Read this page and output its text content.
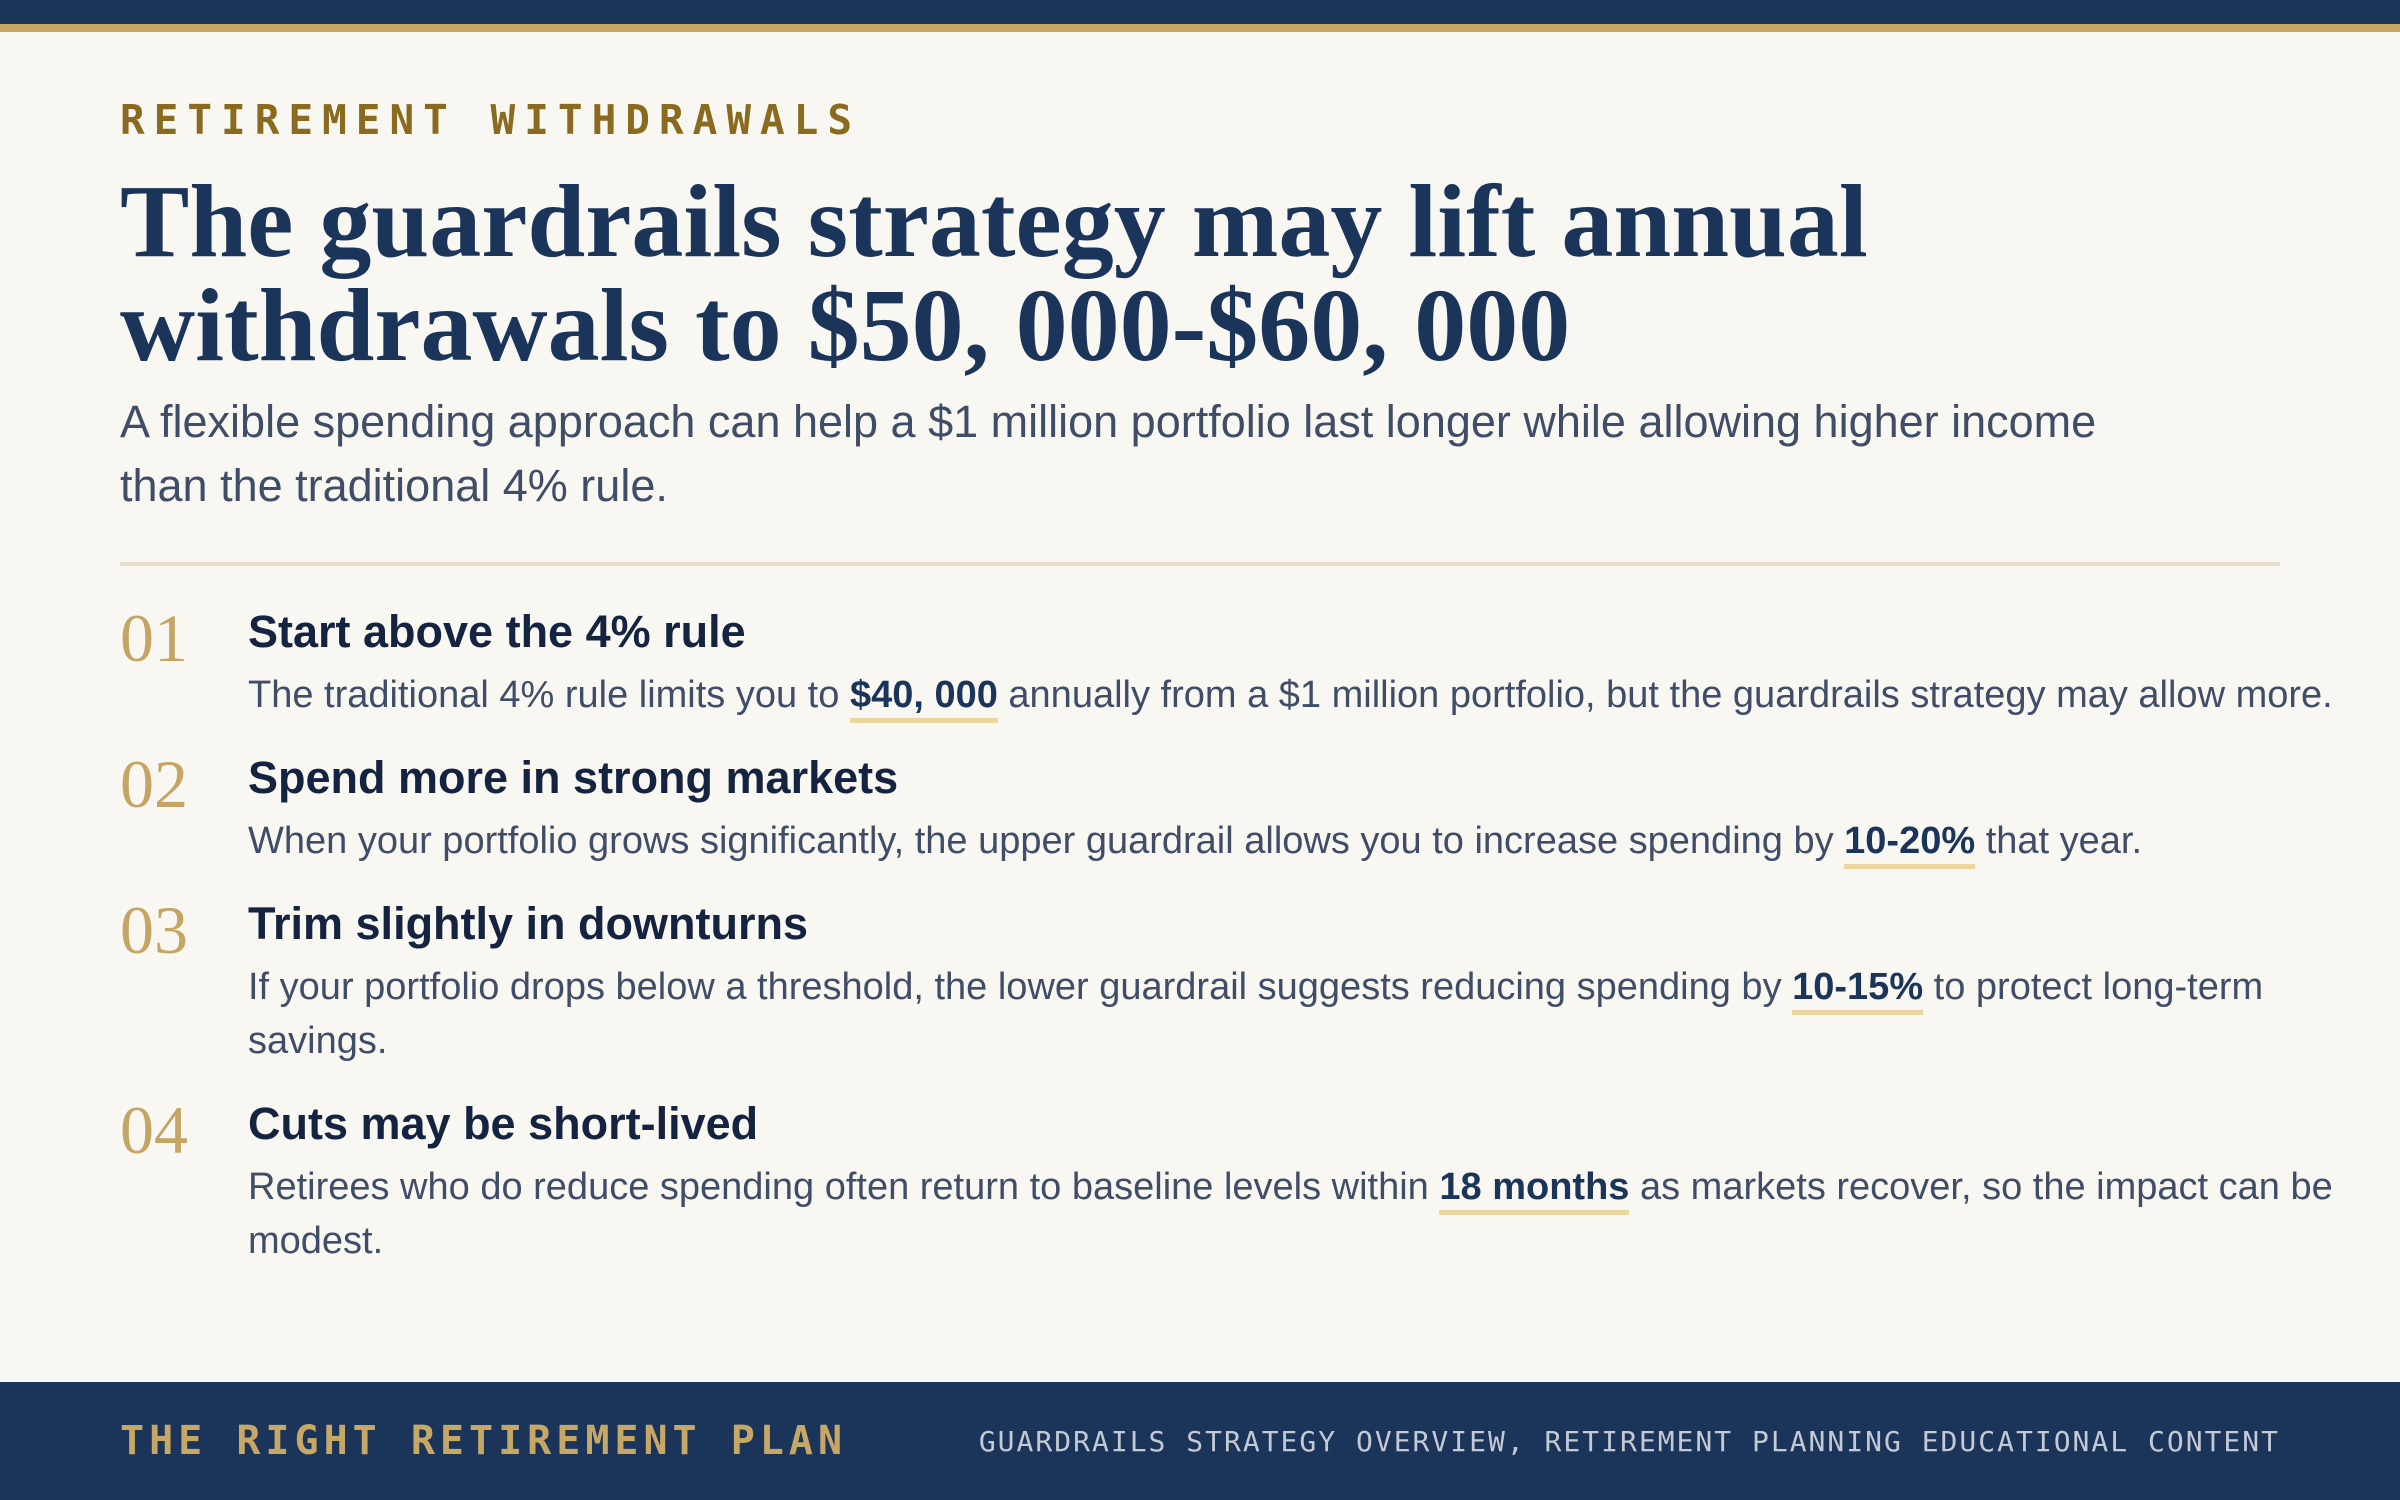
RETIREMENT WITHDRAWALS
The guardrails strategy may lift annual withdrawals to $50, 000-$60, 000

A flexible spending approach can help a $1 million portfolio last longer while allowing higher income than the traditional 4% rule.

01	Start above the 4% rule
The traditional 4% rule limits you to $40, 000 annually from a $1 million portfolio, but the guardrails strategy may allow more.
02	Spend more in strong markets
When your portfolio grows significantly, the upper guardrail allows you to increase spending by 10-20% that year.
03	Trim slightly in downturns
If your portfolio drops below a threshold, the lower guardrail suggests reducing spending by 10-15% to protect long-term savings.
04	Cuts may be short-lived
Retirees who do reduce spending often return to baseline levels within 18 months as markets recover, so the impact can be modest.
THE RIGHT RETIREMENT PLAN	GUARDRAILS STRATEGY OVERVIEW, RETIREMENT PLANNING EDUCATIONAL CONTENT
